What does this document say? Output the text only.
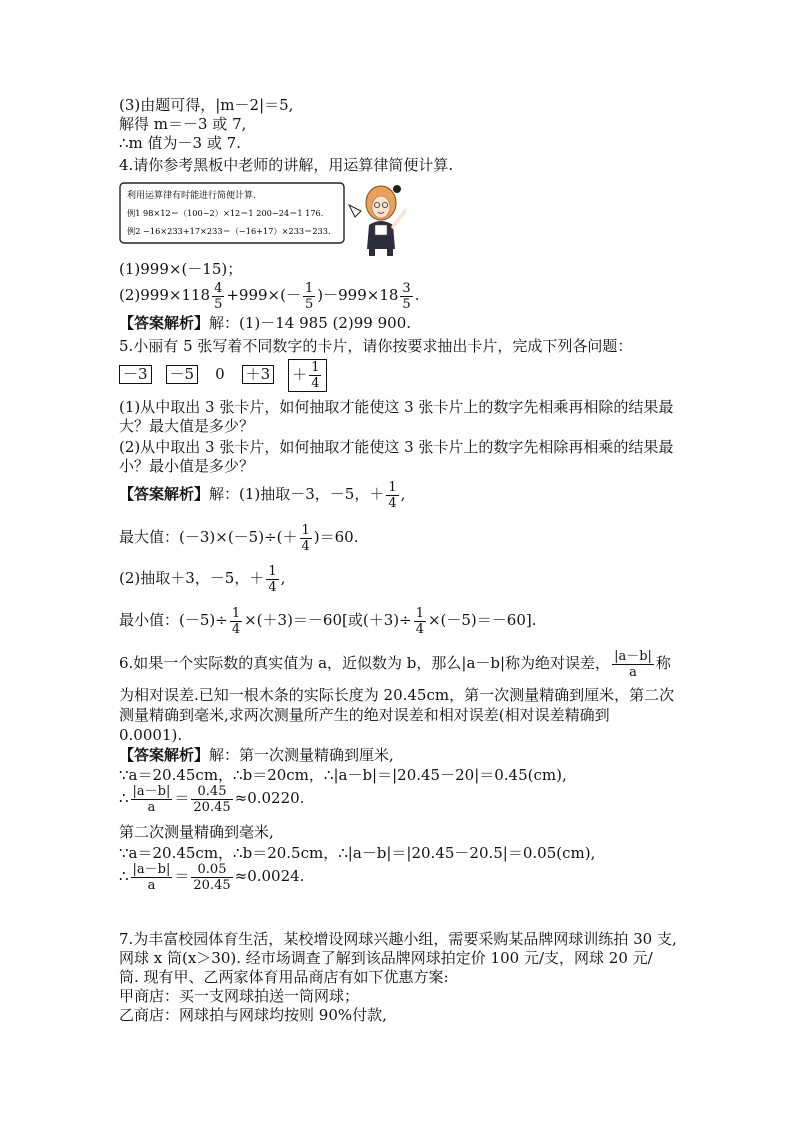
(3)由题可得，|m－2|＝5,
解得 m＝－3 或 7,
∴m 值为－3 或 7.
4.请你参考黑板中老师的讲解，用运算律简便计算.
利用运算律有时能进行简便计算.
例1 98×12＝（100−2）×12＝1 200−24＝1 176.
例2 −16×233+17×233＝（−16+17）×233＝233.
(1)999×(－15)；
$(2)999\times 118 \frac{4}{5} +999\times(- \frac{1}{5} )-999\times 18 \frac{3}{5}$ .
【答案解析】解：(1)－14 985 (2)99 900.
5.小丽有 5 张写着不同数字的卡片，请你按要求抽出卡片，完成下列各问题：
－3 －5 $0 +3 + \frac{1}{4}$
(1)从中取出 3 张卡片，如何抽取才能使这 3 张卡片上的数字先相乘再相除的结果最
大？最大值是多少？
(2)从中取出 3 张卡片，如何抽取才能使这 3 张卡片上的数字先相除再相乘的结果最
小？最小值是多少？
【答案解析】解：(1)抽取－3，－5，＋ $\frac{1}{4}$ ,
最大值：$(-3)\times(-5)\div(+ \frac{1}{4} )=60$.
(2)抽取＋3，－5，＋ $\frac{1}{4}$ ,
最小值：$(-5)\div \frac{1}{4} \times(+3)=-60$[或$(+3)\div \frac{1}{4} \times(-5)=-60$].
6.如果一个实际数的真实值为 a，近似数为 b，那么|a－b|称为绝对误差， $\frac{|a-b|}{a}$ 称
为相对误差.已知一根木条的实际长度为 20.45cm，第一次测量精确到厘米，第二次
测量精确到毫米,求两次测量所产生的绝对误差和相对误差(相对误差精确到
0.0001).
【答案解析】解：第一次测量精确到厘米,
∵a＝20.45cm，∴b＝20cm，∴|a－b|＝|20.45－20|＝0.45(cm),
∴ $\frac{|a-b|}{a} = \frac{0.45}{20.45} \approx 0.0220$.
第二次测量精确到毫米,
∵a＝20.45cm，∴b＝20.5cm，∴|a－b|＝|20.45－20.5|＝0.05(cm),
∴ $\frac{|a-b|}{a} = \frac{0.05}{20.45} \approx 0.0024$.
7.为丰富校园体育生活，某校增设网球兴趣小组，需要采购某品牌网球训练拍 30 支,
网球 x 筒(x＞30). 经市场调查了解到该品牌网球拍定价 100 元/支，网球 20 元/
筒. 现有甲、乙两家体育用品商店有如下优惠方案:
甲商店：买一支网球拍送一筒网球；
乙商店：网球拍与网球均按则 90%付款,
